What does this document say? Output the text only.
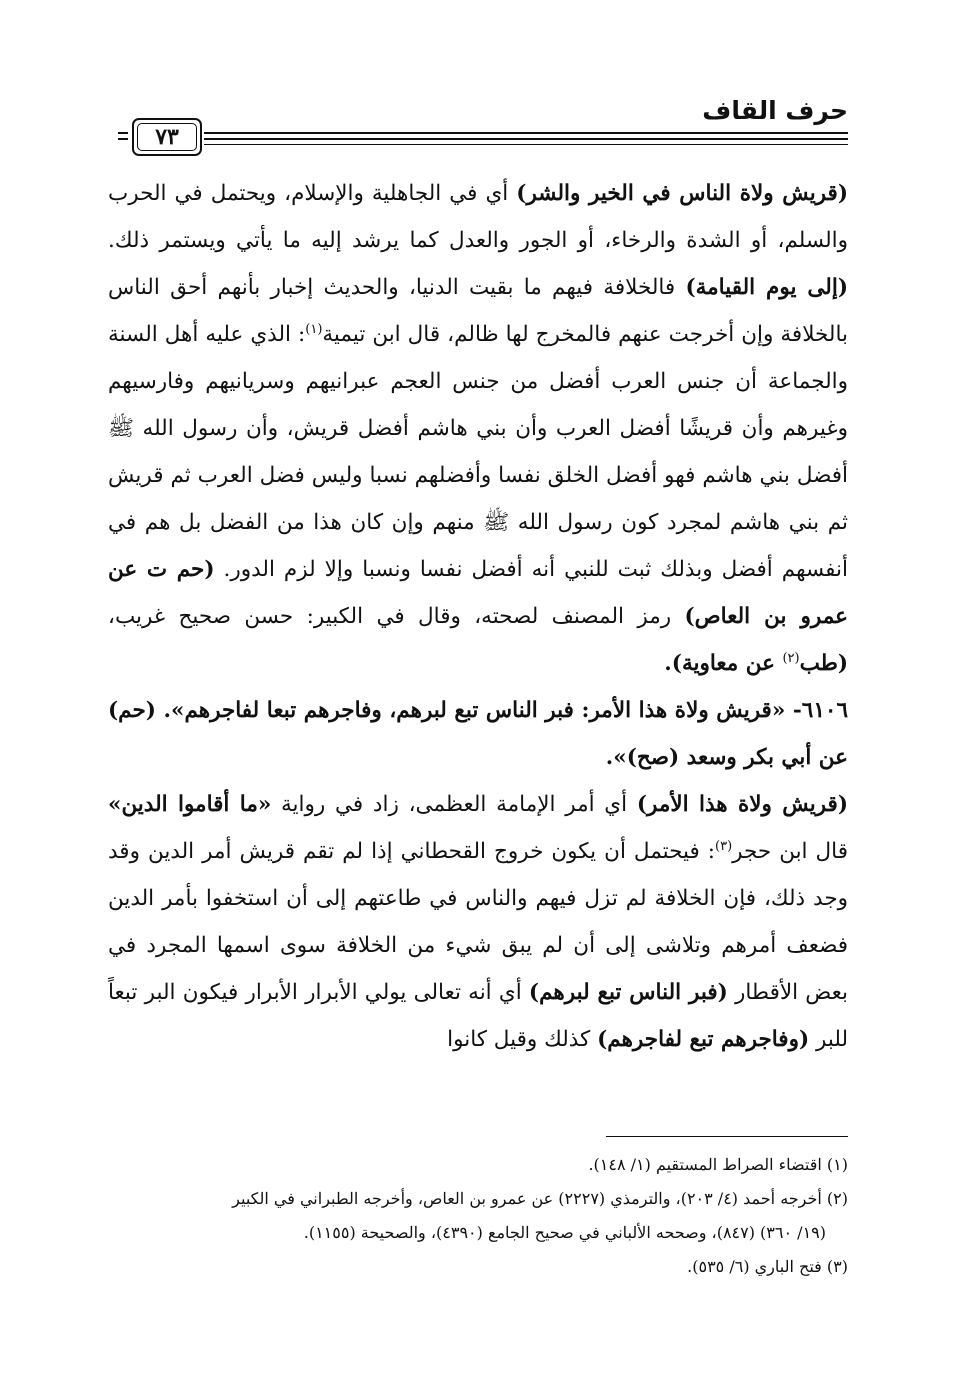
حرف القاف
٧٣

(قريش ولاة الناس في الخير والشر) أي في الجاهلية والإسلام، ويحتمل في الحرب والسلم، أو الشدة والرخاء، أو الجور والعدل كما يرشد إليه ما يأتي ويستمر ذلك. (إلى يوم القيامة) فالخلافة فيهم ما بقيت الدنيا، والحديث إخبار بأنهم أحق الناس بالخلافة وإن أخرجت عنهم فالمخرج لها ظالم، قال ابن تيمية$^{(١)}$: الذي عليه أهل السنة والجماعة أن جنس العرب أفضل من جنس العجم عبرانيهم وسريانيهم وفارسيهم وغيرهم وأن قريشًا أفضل العرب وأن بني هاشم أفضل قريش، وأن رسول الله ﷺ أفضل بني هاشم فهو أفضل الخلق نفسا وأفضلهم نسبا وليس فضل العرب ثم قريش ثم بني هاشم لمجرد كون رسول الله ﷺ منهم وإن كان هذا من الفضل بل هم في أنفسهم أفضل وبذلك ثبت للنبي أنه أفضل نفسا ونسبا وإلا لزم الدور. (حم ت عن عمرو بن العاص) رمز المصنف لصحته، وقال في الكبير: حسن صحيح غريب، (طب$^{(٢)}$ عن معاوية).

٦١٠٦- «قريش ولاة هذا الأمر: فبر الناس تبع لبرهم، وفاجرهم تبعا لفاجرهم». (حم) عن أبي بكر وسعد (صح)».

(قريش ولاة هذا الأمر) أي أمر الإمامة العظمى، زاد في رواية «ما أقاموا الدين» قال ابن حجر$^{(٣)}$: فيحتمل أن يكون خروج القحطاني إذا لم تقم قريش أمر الدين وقد وجد ذلك، فإن الخلافة لم تزل فيهم والناس في طاعتهم إلى أن استخفوا بأمر الدين فضعف أمرهم وتلاشى إلى أن لم يبق شيء من الخلافة سوى اسمها المجرد في بعض الأقطار (فبر الناس تبع لبرهم) أي أنه تعالى يولي الأبرار الأبرار فيكون البر تبعاً للبر (وفاجرهم تبع لفاجرهم) كذلك وقيل كانوا

(١) اقتضاء الصراط المستقيم (١/ ١٤٨).

(٢) أخرجه أحمد (٤/ ٢٠٣)، والترمذي (٢٢٢٧) عن عمرو بن العاص، وأخرجه الطبراني في الكبير

(١٩/ ٣٦٠) (٨٤٧)، وصححه الألباني في صحيح الجامع (٤٣٩٠)، والصحيحة (١١٥٥).

(٣) فتح الباري (٦/ ٥٣٥).
